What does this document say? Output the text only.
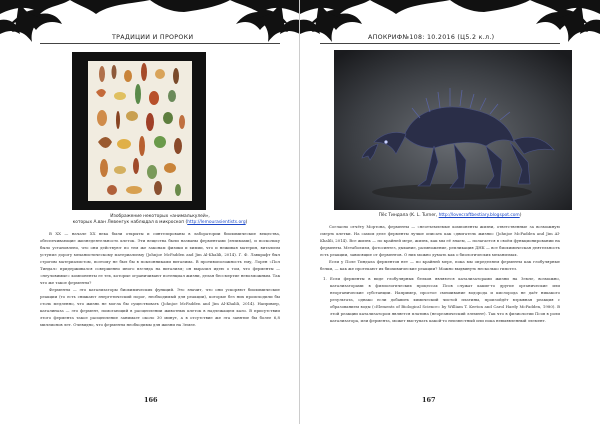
ТРАДИЦИИ И ПРОРОКИ
Изображение некоторых «анималькулей»,
которых А.ван Левенгук наблюдал в микроскоп (http://lemourasientists.org)

В XX — начале XX века были открыты и синтезированы в лаборатории биохимические вещества, обеспечивающие жизнедеятельность клеток. Эти вещества были названы ферментами (энзимами), и поскольку было установлено, что они действуют по тем же законам физики и химии, что и неживая материя, витализм уступил дорогу механистическому материализму (Johnjoe McFadden and Jim Al-Khalili, 2014). Г. Ф. Лавкрафт был строгим материалистом, поэтому не был бы в поклонниками виталима. В противоположность ему, Лорен «Пол Тиндал» придерживался совершенно иного взгляда на витализм; он выразил идею о том, что ферменты — «неуловимые» компоненты ее тех, которые ограничивают потенциал жизни, делая бессмертие невозможным. Так что же такое ферменты?

Ферменты — это катализаторы биохимических функций. Это значит, что они ускоряют биохимические реакции (то есть снижают энергетический порог, необходимый для реакции), которые без них происходили бы столь медленно, что жизнь не могла бы существовать (Johnjoe McFadden and Jim Al-Khalili, 2014). Например, каталиназа — это фермент, помогающий в расщеплении животных клеток в надлежащем кало. В присутствии этого фермента такое расщепление занимает около 30 минут, а в отсутствие же эта занятие бы более 6,8 миллионов лет. Очевидно, что ферменты необходимы для жизни на Земле.

166
АПОКРИФ№108: 10.2016 (Ц5.2 к.л.)
Пёс Тиндала (K. L. Turner, http://lovecraftbestiary.blogspot.com)

Согласно отчёту Мортона, ферменты — «неотъемлемые компоненты жизни, ответственные за возможную смерть клетки. На самом деле ферменты лучше описать как «двигатель жизни» (Johnjoe McFadden and Jim Al-Khalili, 2014). Все жизнь — по крайней мере, жизнь, как мы её знаем, — полагается в своём функционировании на ферменты. Метаболизм, фотосинтез, дыхание, размножение, репликация ДНК — все биохимическая деятельность есть реакции, зависящие от ферментов. О них можно думать как о биологических механизмах.

Если у Поле Тиндала ферментов нет — по крайней мере, пока мы определяем ферменты как глобулярные белки, — как же протекают их биохимические реакции? Можно выдвинуть несколько гипотез.

1. Если ферменты в виде глобулярных белков являются катализаторами жизни на Земле, возможно, катализаторами в физиологических процессах Псов служат какие-то другие органические или неорганические субстанции. Например, простое смешивание водорода и кислорода не даёт никакого результата, однако если добавить химический чистой платины, произойдёт взрывная реакция с образованием воды («Elements of Biological Science» by William T. Keeton and Carol Hardy McFadden, 1980). В этой реакции катализатором является платина (неорганический элемент). Так что в физиологии Псов в роли катализатора, или фермента, может выступать какой-то неизвестный или пока невыявленный элемент.
167
